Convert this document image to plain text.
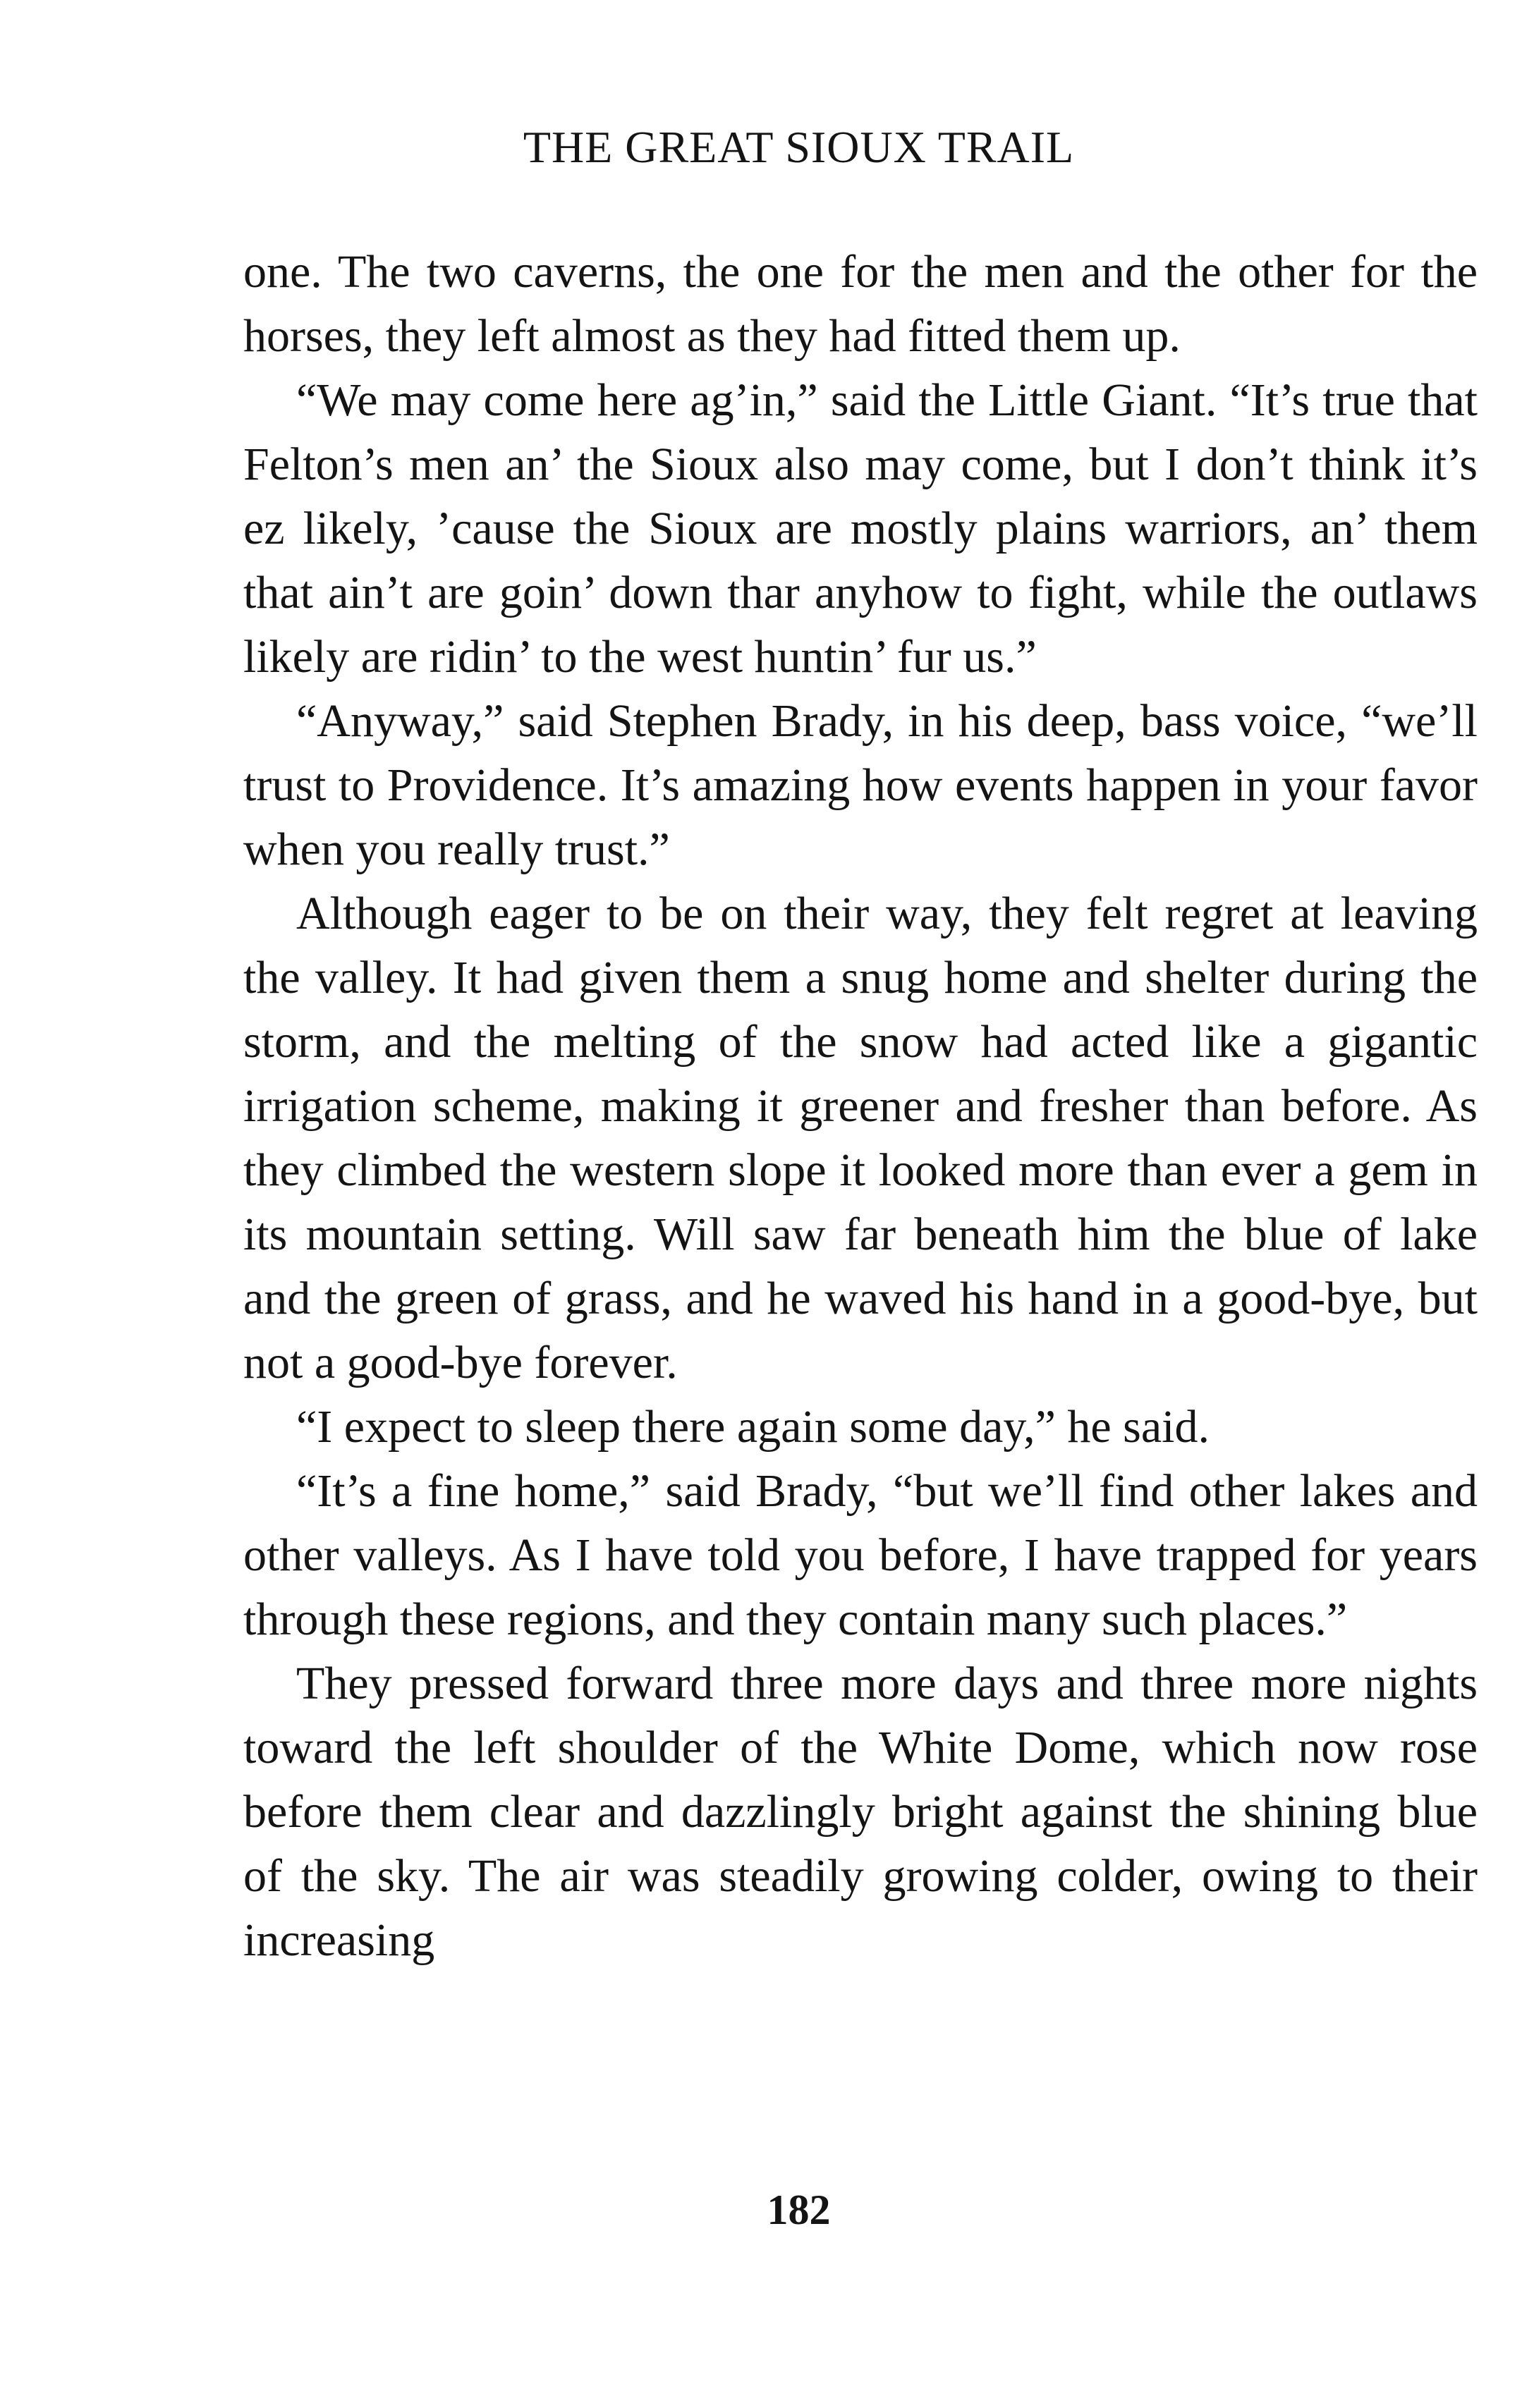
THE GREAT SIOUX TRAIL

one. The two caverns, the one for the men and the other for the horses, they left almost as they had fitted them up.

“We may come here ag’in,” said the Little Giant. “It’s true that Felton’s men an’ the Sioux also may come, but I don’t think it’s ez likely, ’cause the Sioux are mostly plains warriors, an’ them that ain’t are goin’ down thar anyhow to fight, while the outlaws likely are ridin’ to the west huntin’ fur us.”

“Anyway,” said Stephen Brady, in his deep, bass voice, “we’ll trust to Providence. It’s amazing how events happen in your favor when you really trust.”

Although eager to be on their way, they felt regret at leaving the valley. It had given them a snug home and shelter during the storm, and the melting of the snow had acted like a gigantic irrigation scheme, making it greener and fresher than before. As they climbed the western slope it looked more than ever a gem in its mountain setting. Will saw far beneath him the blue of lake and the green of grass, and he waved his hand in a good-bye, but not a good-bye forever.

“I expect to sleep there again some day,” he said.

“It’s a fine home,” said Brady, “but we’ll find other lakes and other valleys. As I have told you before, I have trapped for years through these regions, and they contain many such places.”

They pressed forward three more days and three more nights toward the left shoulder of the White Dome, which now rose before them clear and dazzlingly bright against the shining blue of the sky. The air was steadily growing colder, owing to their increasing

182
